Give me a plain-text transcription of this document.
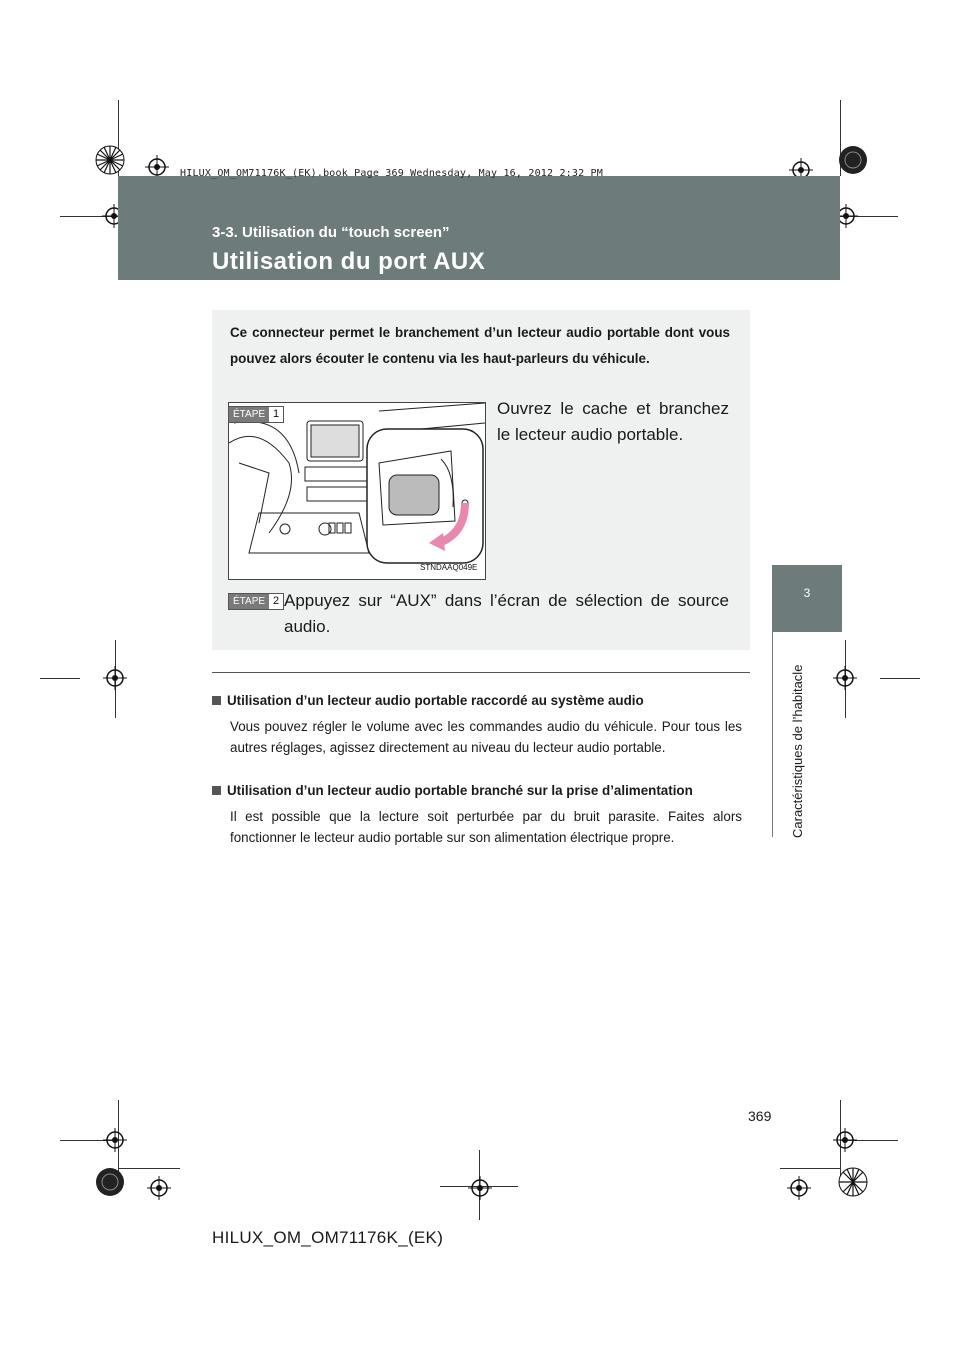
HILUX_OM_OM71176K_(EK).book Page 369 Wednesday, May 16, 2012 2:32 PM
3-3. Utilisation du “touch screen”
Utilisation du port AUX
3
Caractéristiques de l’habitacle
Ce connecteur permet le branchement d’un lecteur audio portable dont vous pouvez alors écouter le contenu via les haut-parleurs du véhicule.
STNDAAQ049E
ÉTAPE 1	Ouvrez le cache et branchez le lecteur audio portable.
ÉTAPE 2 Appuyez sur “AUX” dans l’écran de sélection de source audio.
Utilisation d’un lecteur audio portable raccordé au système audio
Vous pouvez régler le volume avec les commandes audio du véhicule. Pour tous les autres réglages, agissez directement au niveau du lecteur audio portable.
Utilisation d’un lecteur audio portable branché sur la prise d’alimentation
Il est possible que la lecture soit perturbée par du bruit parasite. Faites alors fonctionner le lecteur audio portable sur son alimentation électrique propre.
369
HILUX_OM_OM71176K_(EK)
